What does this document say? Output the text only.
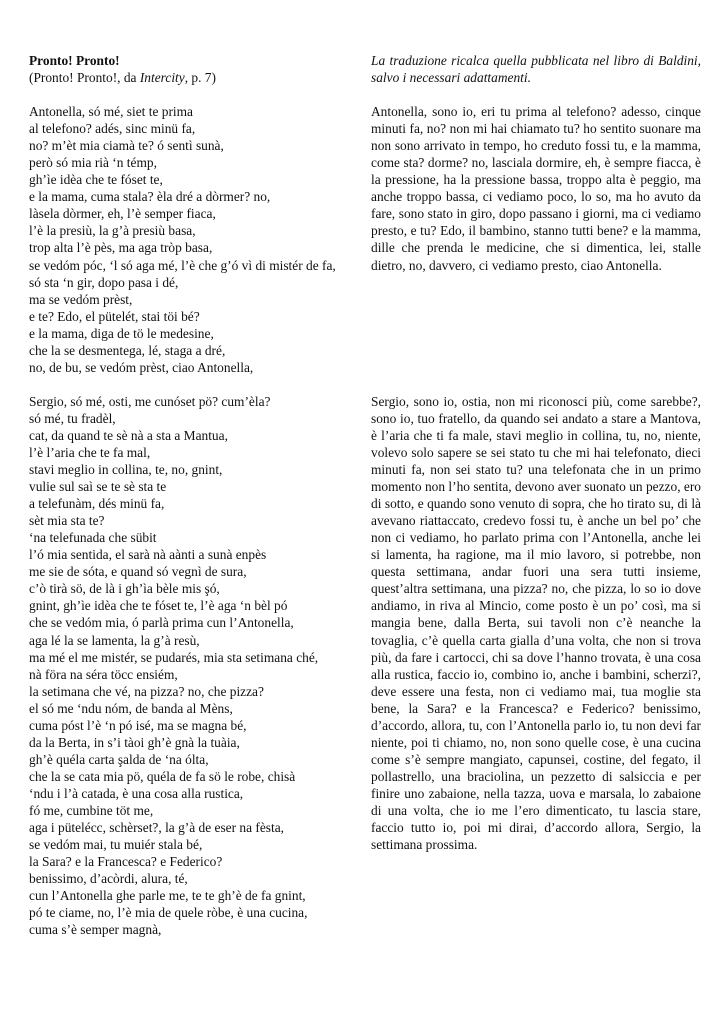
Pronto! Pronto!
(Pronto! Pronto!, da Intercity, p. 7)
Antonella, só mé, siet te prima
al telefono? adés, sinc minü fa,
no? m’èt mia ciamà te? ó sentì sunà,
però só mia rià ‘n témp,
gh’ìe idèa che te fóset te,
e la mama, cuma stala? èla dré a dòrmer? no,
làsela dòrmer, eh, l’è semper fiaca,
l’è la presiù, la g’à presiù basa,
trop alta l’è pès, ma aga tròp basa,
se vedóm póc, ‘l só aga mé, l’è che g’ó vì di mistér de fa,
só sta ‘n gir, dopo pasa i dé,
ma se vedóm prèst,
e te? Edo, el pütelét, stai töi bé?
e la mama, diga de tö le medesine,
che la se desmentega, lé, staga a dré,
no, de bu, se vedóm prèst, ciao Antonella,
Sergio, só mé, osti, me cunóset pö? cum’èla?
só mé, tu fradèl,
cat, da quand te sè nà a sta a Mantua,
l’è l’aria che te fa mal,
stavi meglio in collina, te, no, gnint,
vulie sul saì se te sè sta te
a telefunàm, dés minü fa,
sèt mia sta te?
‘na telefunada che sübit
l’ó mia sentida, el sarà nà aànti a sunà enpès
me sie de sóta, e quand só vegnì de sura,
c’ò tirà sö, de là i gh’ìa bèle mis şó,
gnint, gh’ìe idèa che te fóset te, l’è aga ‘n bèl pó
che se vedóm mia, ó parlà prima cun l’Antonella,
aga lé la se lamenta, la g’à resù,
ma mé el me mistér, se pudarés, mia sta setimana ché,
nà föra na séra töcc ensiém,
la setimana che vé, na pizza? no, che pizza?
el só me ‘ndu nóm, de banda al Mèns,
cuma póst l’è ‘n pó isé, ma se magna bé,
da la Berta, in s’i tàoi gh’è gnà la tuàia,
gh’è quéla carta şalda de ‘na ólta,
che la se cata mia pö, quéla de fa sö le robe, chisà
‘ndu i l’à catada, è una cosa alla rustica,
fó me, cumbine töt me,
aga i pütelécc, schèrset?, la g’à de eser na fèsta,
se vedóm mai, tu muiér stala bé,
la Sara? e la Francesca? e Federico?
benissimo, d’acòrdi, alura, té,
cun l’Antonella ghe parle me, te te gh’è de fa gnint,
pó te ciame, no, l’è mia de quele ròbe, è una cucina,
cuma s’è semper magnà,

La traduzione ricalca quella pubblicata nel libro di Baldini, salvo i necessari adattamenti.

Antonella, sono io, eri tu prima al telefono? adesso, cinque minuti fa, no? non mi hai chiamato tu? ho sentito suonare ma non sono arrivato in tempo, ho creduto fossi tu, e la mamma, come sta? dorme? no, lasciala dormire, eh, è sempre fiacca, è la pressione, ha la pressione bassa, troppo alta è peggio, ma anche troppo bassa, ci vediamo poco, lo so, ma ho avuto da fare, sono stato in giro, dopo passano i giorni, ma ci vediamo presto, e tu? Edo, il bambino, stanno tutti bene? e la mamma, dille che prenda le medicine, che si dimentica, lei, stalle dietro, no, davvero, ci vediamo presto, ciao Antonella.

Sergio, sono io, ostia, non mi riconosci più, come sarebbe?, sono io, tuo fratello, da quando sei andato a stare a Mantova, è l’aria che ti fa male, stavi meglio in collina, tu, no, niente, volevo solo sapere se sei stato tu che mi hai telefonato, dieci minuti fa, non sei stato tu? una telefonata che in un primo momento non l’ho sentita, devono aver suonato un pezzo, ero di sotto, e quando sono venuto di sopra, che ho tirato su, di là avevano riattaccato, credevo fossi tu, è anche un bel po’ che non ci vediamo, ho parlato prima con l’Antonella, anche lei si lamenta, ha ragione, ma il mio lavoro, si potrebbe, non questa settimana, andar fuori una sera tutti insieme, quest’altra settimana, una pizza? no, che pizza, lo so io dove andiamo, in riva al Mincio, come posto è un po’ così, ma si mangia bene, dalla Berta, sui tavoli non c’è neanche la tovaglia, c’è quella carta gialla d’una volta, che non si trova più, da fare i cartocci, chi sa dove l’hanno trovata, è una cosa alla rustica, faccio io, combino io, anche i bambini, scherzi?, deve essere una festa, non ci vediamo mai, tua moglie sta bene, la Sara? e la Francesca? e Federico? benissimo, d’accordo, allora, tu, con l’Antonella parlo io, tu non devi far niente, poi ti chiamo, no, non sono quelle cose, è una cucina come s’è sempre mangiato, capunsei, costine, del fegato, il pollastrello, una braciolina, un pezzetto di salsiccia e per finire uno zabaione, nella tazza, uova e marsala, lo zabaione di una volta, che io me l’ero dimenticato, tu lascia stare, faccio tutto io, poi mi dirai, d’accordo allora, Sergio, la settimana prossima.
